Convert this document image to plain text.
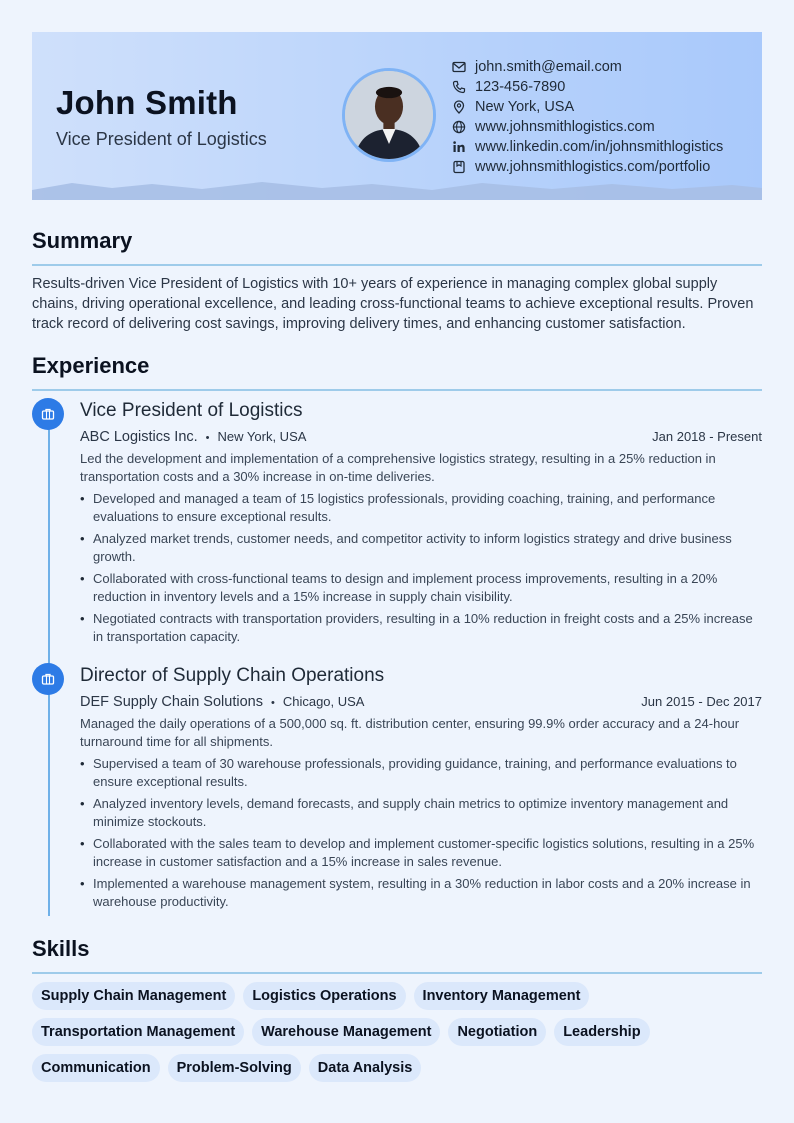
John Smith
Vice President of Logistics
john.smith@email.com
123-456-7890
New York, USA
www.johnsmithlogistics.com
www.linkedin.com/in/johnsmithlogistics
www.johnsmithlogistics.com/portfolio
Summary
Results-driven Vice President of Logistics with 10+ years of experience in managing complex global supply chains, driving operational excellence, and leading cross-functional teams to achieve exceptional results. Proven track record of delivering cost savings, improving delivery times, and enhancing customer satisfaction.
Experience
Vice President of Logistics
ABC Logistics Inc. • New York, USA	Jan 2018 - Present
Led the development and implementation of a comprehensive logistics strategy, resulting in a 25% reduction in transportation costs and a 30% increase in on-time deliveries.
• Developed and managed a team of 15 logistics professionals, providing coaching, training, and performance evaluations to ensure exceptional results.
• Analyzed market trends, customer needs, and competitor activity to inform logistics strategy and drive business growth.
• Collaborated with cross-functional teams to design and implement process improvements, resulting in a 20% reduction in inventory levels and a 15% increase in supply chain visibility.
• Negotiated contracts with transportation providers, resulting in a 10% reduction in freight costs and a 25% increase in transportation capacity.
Director of Supply Chain Operations
DEF Supply Chain Solutions • Chicago, USA	Jun 2015 - Dec 2017
Managed the daily operations of a 500,000 sq. ft. distribution center, ensuring 99.9% order accuracy and a 24-hour turnaround time for all shipments.
• Supervised a team of 30 warehouse professionals, providing guidance, training, and performance evaluations to ensure exceptional results.
• Analyzed inventory levels, demand forecasts, and supply chain metrics to optimize inventory management and minimize stockouts.
• Collaborated with the sales team to develop and implement customer-specific logistics solutions, resulting in a 25% increase in customer satisfaction and a 15% increase in sales revenue.
• Implemented a warehouse management system, resulting in a 30% reduction in labor costs and a 20% increase in warehouse productivity.
Skills
Supply Chain Management	Logistics Operations	Inventory Management
Transportation Management	Warehouse Management	Negotiation	Leadership
Communication	Problem-Solving	Data Analysis
